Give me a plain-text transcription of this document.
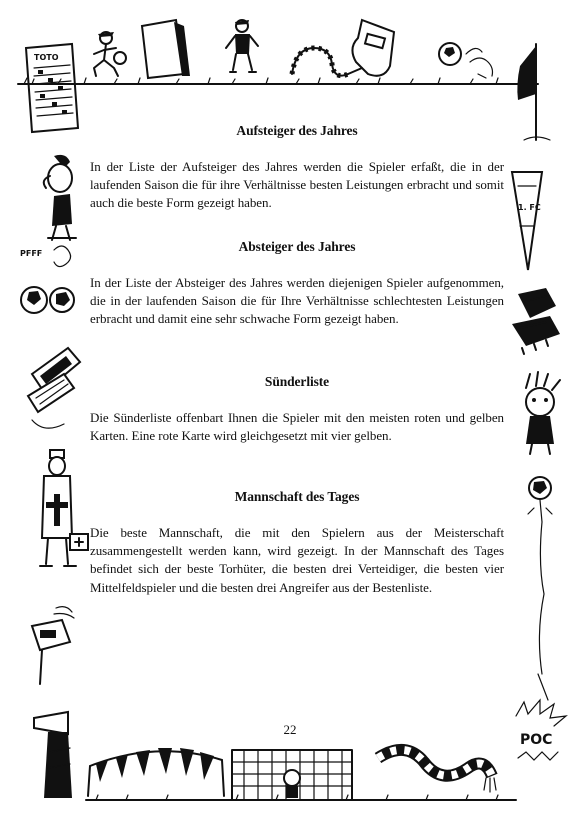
TOTO
PFFF
1. FC
POC
Aufsteiger des Jahres

In der Liste der Aufsteiger des Jahres werden die Spieler erfaßt, die in der laufenden Saison die für ihre Verhältnisse besten Leistungen erbracht und somit auch die beste Form gezeigt haben.

Absteiger des Jahres

In der Liste der Absteiger des Jahres werden diejenigen Spieler aufgenommen, die in der laufenden Saison die für Ihre Verhältnisse schlechtesten Leistungen erbracht und damit eine sehr schwache Form gezeigt haben.

Sünderliste

Die Sünderliste offenbart Ihnen die Spieler mit den meisten roten und gelben Karten. Eine rote Karte wird gleichgesetzt mit vier gelben.

Mannschaft des Tages

Die beste Mannschaft, die mit den Spielern aus der Meisterschaft zusammengestellt werden kann, wird gezeigt. In der Mannschaft des Tages befindet sich der beste Torhüter, die besten drei Verteidiger, die besten vier Mittelfeldspieler und die besten drei Angreifer aus der Bestenliste.

22
